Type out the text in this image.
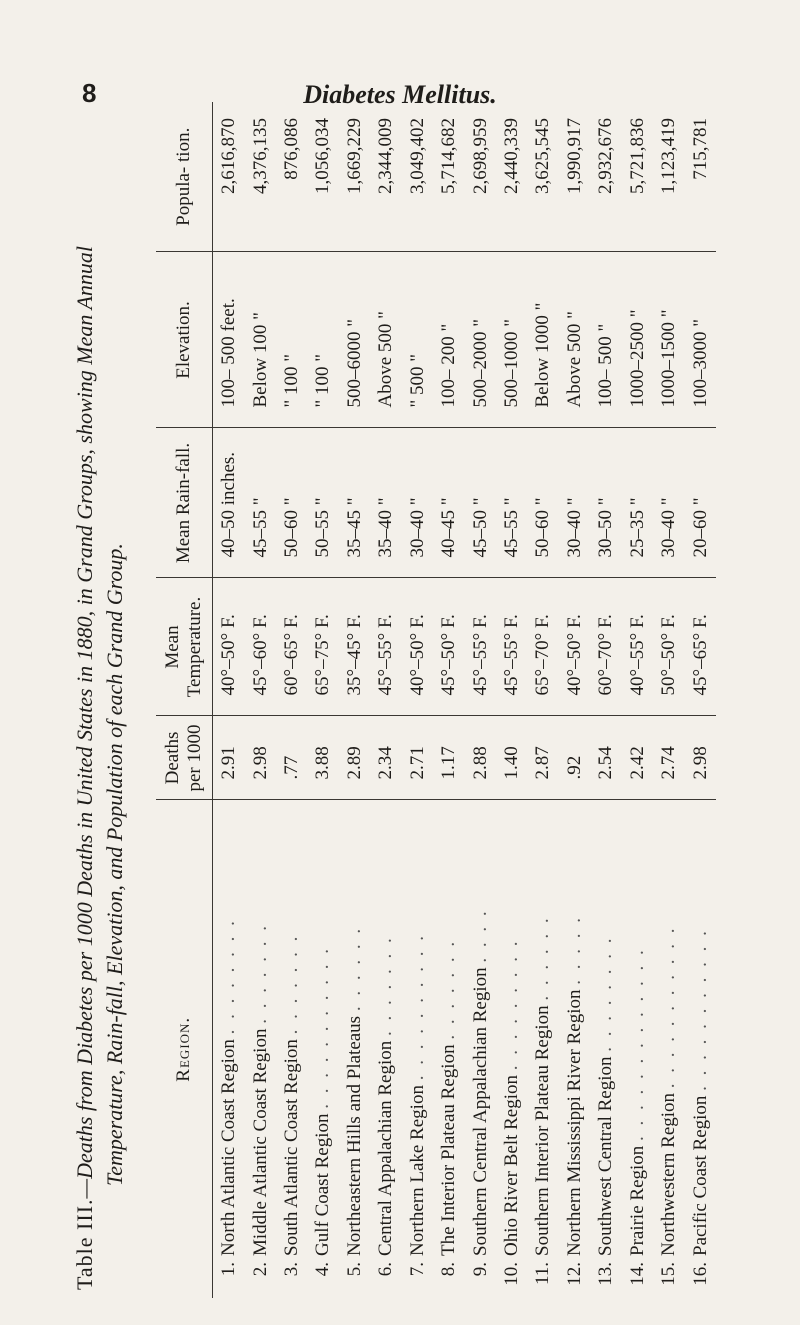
8	Diabetes Mellitus.

Table III.—Deaths from Diabetes per 1000 Deaths in United States in 1880, in Grand Groups, showing Mean Annual Temperature, Rain-fall, Elevation, and Population of each Grand Group. Region.	Deaths per 1000	Mean Temperature.	Mean Rain-fall.	Elevation.	Popula- tion.
1.North Atlantic Coast Region . . . . . . . .	2.91	40°–50° F.	40–50 inches.	100– 500 feet.	2,616,870
2.Middle Atlantic Coast Region . . . . . . .	2.98	45°–60° F.	45–55 "	Below 100 "	4,376,135
3.South Atlantic Coast Region . . . . . . .	.77	60°–65° F.	50–60 "	" 100 "	876,086
4.Gulf Coast Region . . . . . . . . . . .	3.88	65°–75° F.	50–55 "	" 100 "	1,056,034
5.Northeastern Hills and Plateaus . . . . . .	2.89	35°–45° F.	35–45 "	500–6000 "	1,669,229
6.Central Appalachian Region . . . . . . .	2.34	45°–55° F.	35–40 "	Above 500 "	2,344,009
7.Northern Lake Region . . . . . . . . . .	2.71	40°–50° F.	30–40 "	" 500 "	3,049,402
8.The Interior Plateau Region . . . . . . .	1.17	45°–50° F.	40–45 "	100– 200 "	5,714,682
9.Southern Central Appalachian Region . . . .	2.88	45°–55° F.	45–50 "	500–2000 "	2,698,959
10.Ohio River Belt Region . . . . . . . . .	1.40	45°–55° F.	45–55 "	500–1000 "	2,440,339
11.Southern Interior Plateau Region . . . . . .	2.87	65°–70° F.	50–60 "	Below 1000 "	3,625,545
12.Northern Mississippi River Region . . . . .	.92	40°–50° F.	30–40 "	Above 500 "	1,990,917
13.Southwest Central Region . . . . . . . .	2.54	60°–70° F.	30–50 "	100– 500 "	2,932,676
14.Prairie Region . . . . . . . . . . . . .	2.42	40°–55° F.	25–35 "	1000–2500 "	5,721,836
15.Northwestern Region . . . . . . . . . . .	2.74	50°–50° F.	30–40 "	1000–1500 "	1,123,419
16.Pacific Coast Region . . . . . . . . . . .	2.98	45°–65° F.	20–60 "	100–3000 "	715,781
